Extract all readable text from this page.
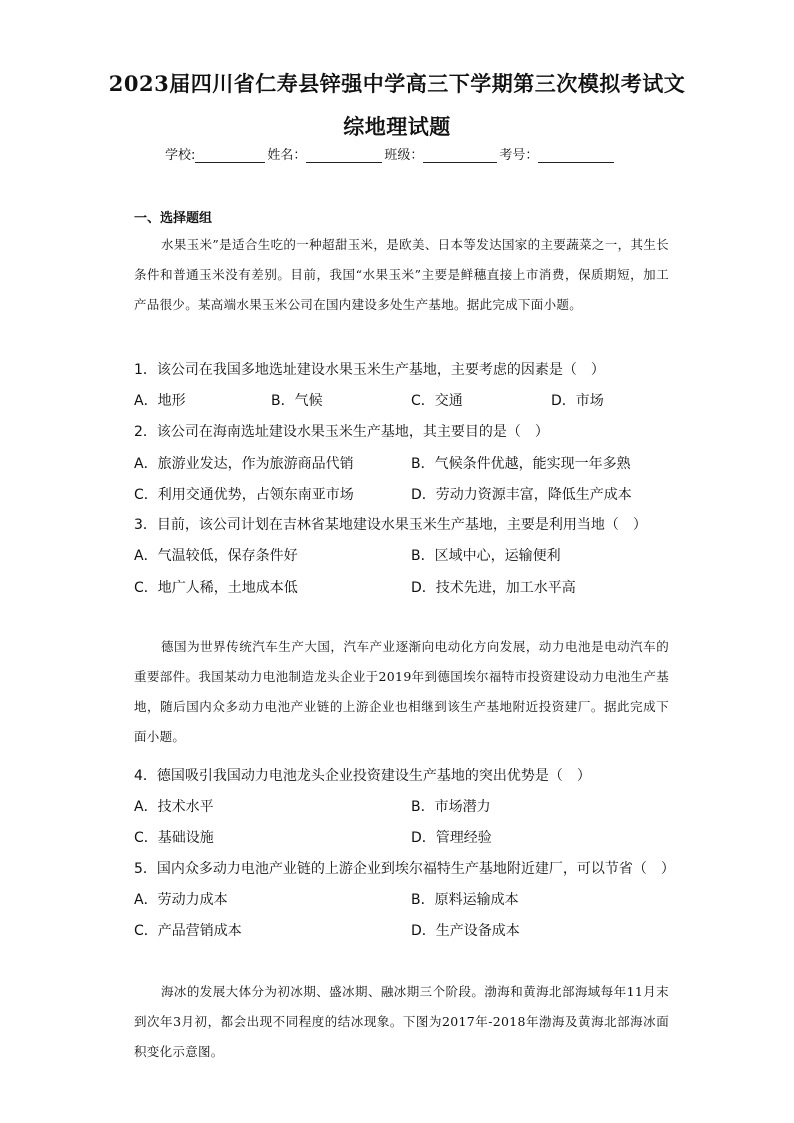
2023届四川省仁寿县锌强中学高三下学期第三次模拟考试文
综地理试题
学校:	姓名：	班级：	考号：
一、选择题组
水果玉米”是适合生吃的一种超甜玉米，是欧美、日本等发达国家的主要蔬菜之一，其生长条件和普通玉米没有差别。目前，我国“水果玉米”主要是鲜穗直接上市消费，保质期短，加工产品很少。某高端水果玉米公司在国内建设多处生产基地。据此完成下面小题。
1．该公司在我国多地选址建设水果玉米生产基地，主要考虑的因素是（　）
A．地形	B．气候	C．交通	D．市场
2．该公司在海南选址建设水果玉米生产基地，其主要目的是（　）
A．旅游业发达，作为旅游商品代销	B．气候条件优越，能实现一年多熟
C．利用交通优势，占领东南亚市场	D．劳动力资源丰富，降低生产成本
3．目前，该公司计划在吉林省某地建设水果玉米生产基地，主要是利用当地（　）
A．气温较低，保存条件好	B．区域中心，运输便利
C．地广人稀，土地成本低	D．技术先进，加工水平高
德国为世界传统汽车生产大国，汽车产业逐渐向电动化方向发展，动力电池是电动汽车的重要部件。我国某动力电池制造龙头企业于2019年到德国埃尔福特市投资建设动力电池生产基地，随后国内众多动力电池产业链的上游企业也相继到该生产基地附近投资建厂。据此完成下面小题。
4．德国吸引我国动力电池龙头企业投资建设生产基地的突出优势是（　）
A．技术水平	B．市场潜力
C．基础设施	D．管理经验
5．国内众多动力电池产业链的上游企业到埃尔福特生产基地附近建厂，可以节省（　）
A．劳动力成本	B．原料运输成本
C．产品营销成本	D．生产设备成本
海冰的发展大体分为初冰期、盛冰期、融冰期三个阶段。渤海和黄海北部海域每年11月末到次年3月初，都会出现不同程度的结冰现象。下图为2017年-2018年渤海及黄海北部海冰面积变化示意图。
